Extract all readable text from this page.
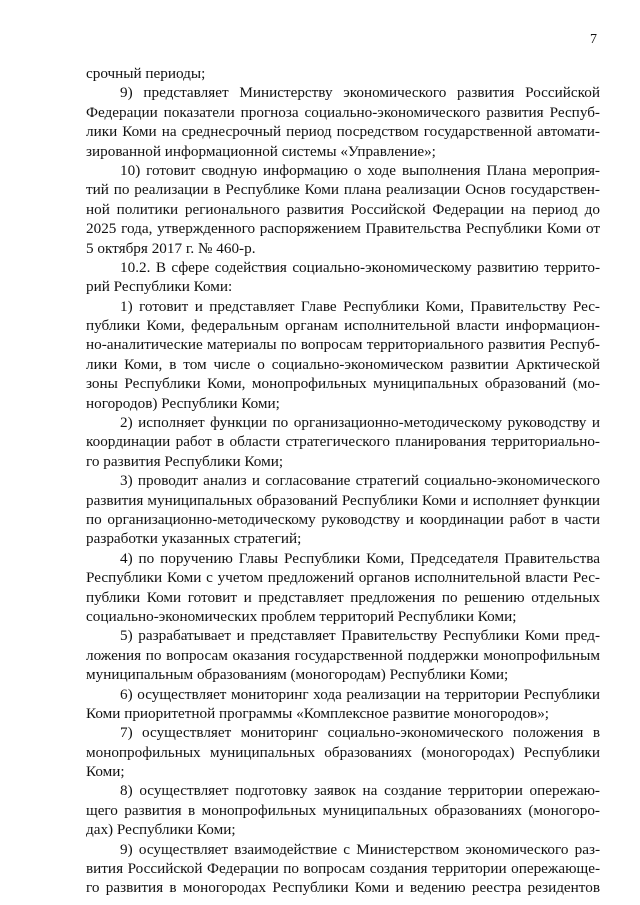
7
срочный периоды;
9) представляет Министерству экономического развития Российской
Федерации показатели прогноза социально-экономического развития Респуб-
лики Коми на среднесрочный период посредством государственной автомати-
зированной информационной системы «Управление»;
10) готовит сводную информацию о ходе выполнения Плана мероприя-
тий по реализации в Республике Коми плана реализации Основ государствен-
ной политики регионального развития Российской Федерации на период до
2025 года, утвержденного распоряжением Правительства Республики Коми от
5 октября 2017 г. № 460-р.
10.2. В сфере содействия социально-экономическому развитию террито-
рий Республики Коми:
1) готовит и представляет Главе Республики Коми, Правительству Рес-
публики Коми, федеральным органам исполнительной власти информацион-
но-аналитические материалы по вопросам территориального развития Респуб-
лики Коми, в том числе о социально-экономическом развитии Арктической
зоны Республики Коми, монопрофильных муниципальных образований (мо-
ногородов) Республики Коми;
2) исполняет функции по организационно-методическому руководству и
координации работ в области стратегического планирования территориально-
го развития Республики Коми;
3) проводит анализ и согласование стратегий социально-экономического
развития муниципальных образований Республики Коми и исполняет функции
по организационно-методическому руководству и координации работ в части
разработки указанных стратегий;
4) по поручению Главы Республики Коми, Председателя Правительства
Республики Коми с учетом предложений органов исполнительной власти Рес-
публики Коми готовит и представляет предложения по решению отдельных
социально-экономических проблем территорий Республики Коми;
5) разрабатывает и представляет Правительству Республики Коми пред-
ложения по вопросам оказания государственной поддержки монопрофильным
муниципальным образованиям (моногородам) Республики Коми;
6) осуществляет мониторинг хода реализации на территории Республики
Коми приоритетной программы «Комплексное развитие моногородов»;
7) осуществляет мониторинг социально-экономического положения в
монопрофильных муниципальных образованиях (моногородах) Республики
Коми;
8) осуществляет подготовку заявок на создание территории опережаю-
щего развития в монопрофильных муниципальных образованиях (моногоро-
дах) Республики Коми;
9) осуществляет взаимодействие с Министерством экономического раз-
вития Российской Федерации по вопросам создания территории опережающе-
го развития в моногородах Республики Коми и ведению реестра резидентов
